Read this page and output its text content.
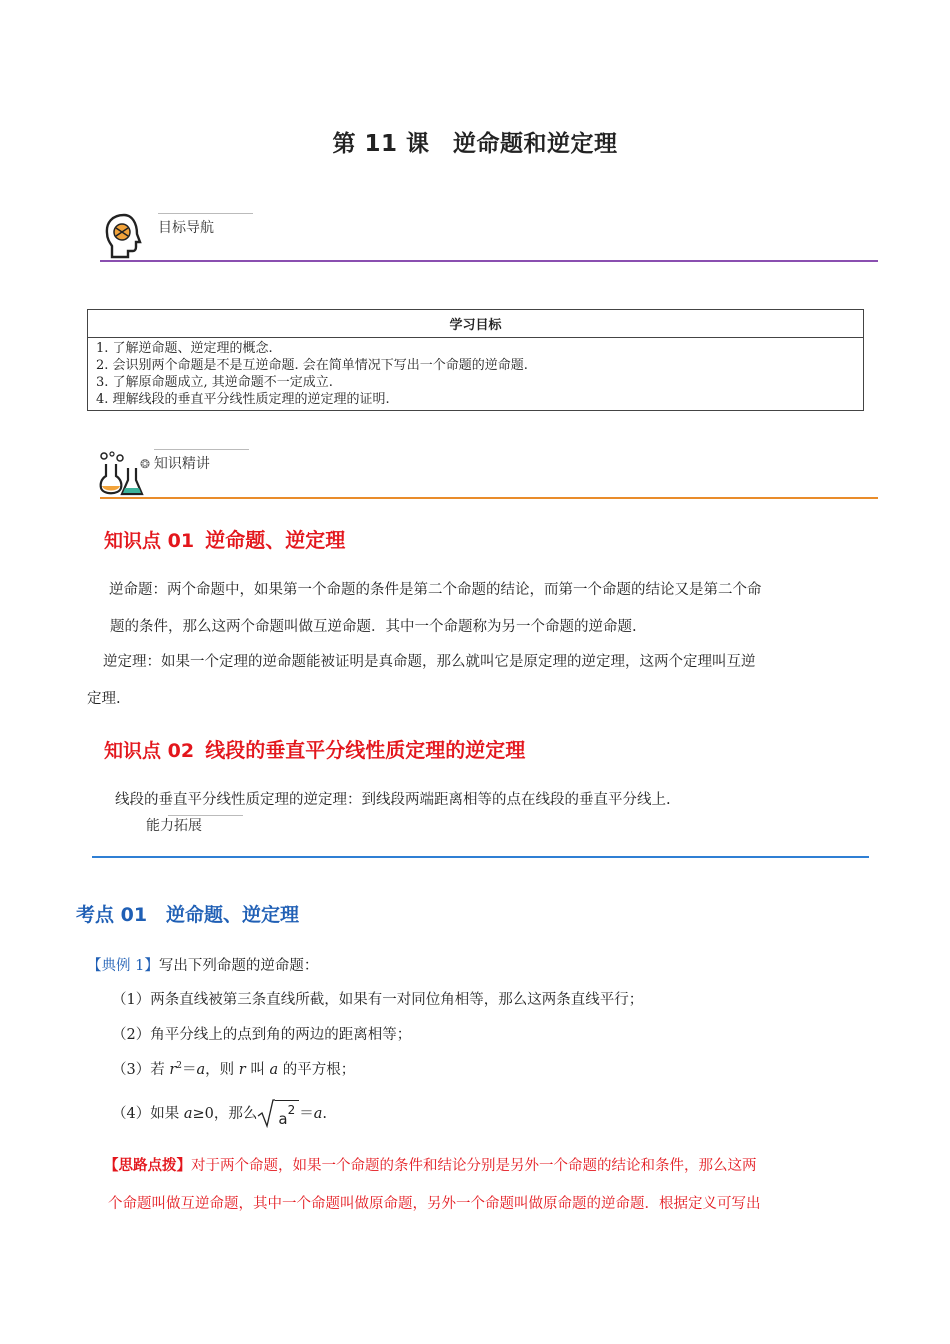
第 11 课　逆命题和逆定理
目标导航
学习目标

1. 了解逆命题、逆定理的概念.
2. 会识别两个命题是不是互逆命题. 会在简单情况下写出一个命题的逆命题.
3. 了解原命题成立, 其逆命题不一定成立.
4. 理解线段的垂直平分线性质定理的逆定理的证明.
❂ 知识精讲
知识点 01 逆命题、逆定理
逆命题：两个命题中，如果第一个命题的条件是第二个命题的结论，而第一个命题的结论又是第二个命
题的条件，那么这两个命题叫做互逆命题．其中一个命题称为另一个命题的逆命题.
逆定理：如果一个定理的逆命题能被证明是真命题，那么就叫它是原定理的逆定理，这两个定理叫互逆
定理.
知识点 02 线段的垂直平分线性质定理的逆定理
线段的垂直平分线性质定理的逆定理：到线段两端距离相等的点在线段的垂直平分线上.
能力拓展
考点 01　逆命题、逆定理
【典例 1】写出下列命题的逆命题：
（1）两条直线被第三条直线所截，如果有一对同位角相等，那么这两条直线平行；
（2）角平分线上的点到角的两边的距离相等；
（3）若 $r^2=a$，则 r 叫 a 的平方根；
（4）如果 a≥0，那么 $a^2 =a$.
【思路点拨】对于两个命题，如果一个命题的条件和结论分别是另外一个命题的结论和条件，那么这两
个命题叫做互逆命题，其中一个命题叫做原命题，另外一个命题叫做原命题的逆命题．根据定义可写出
